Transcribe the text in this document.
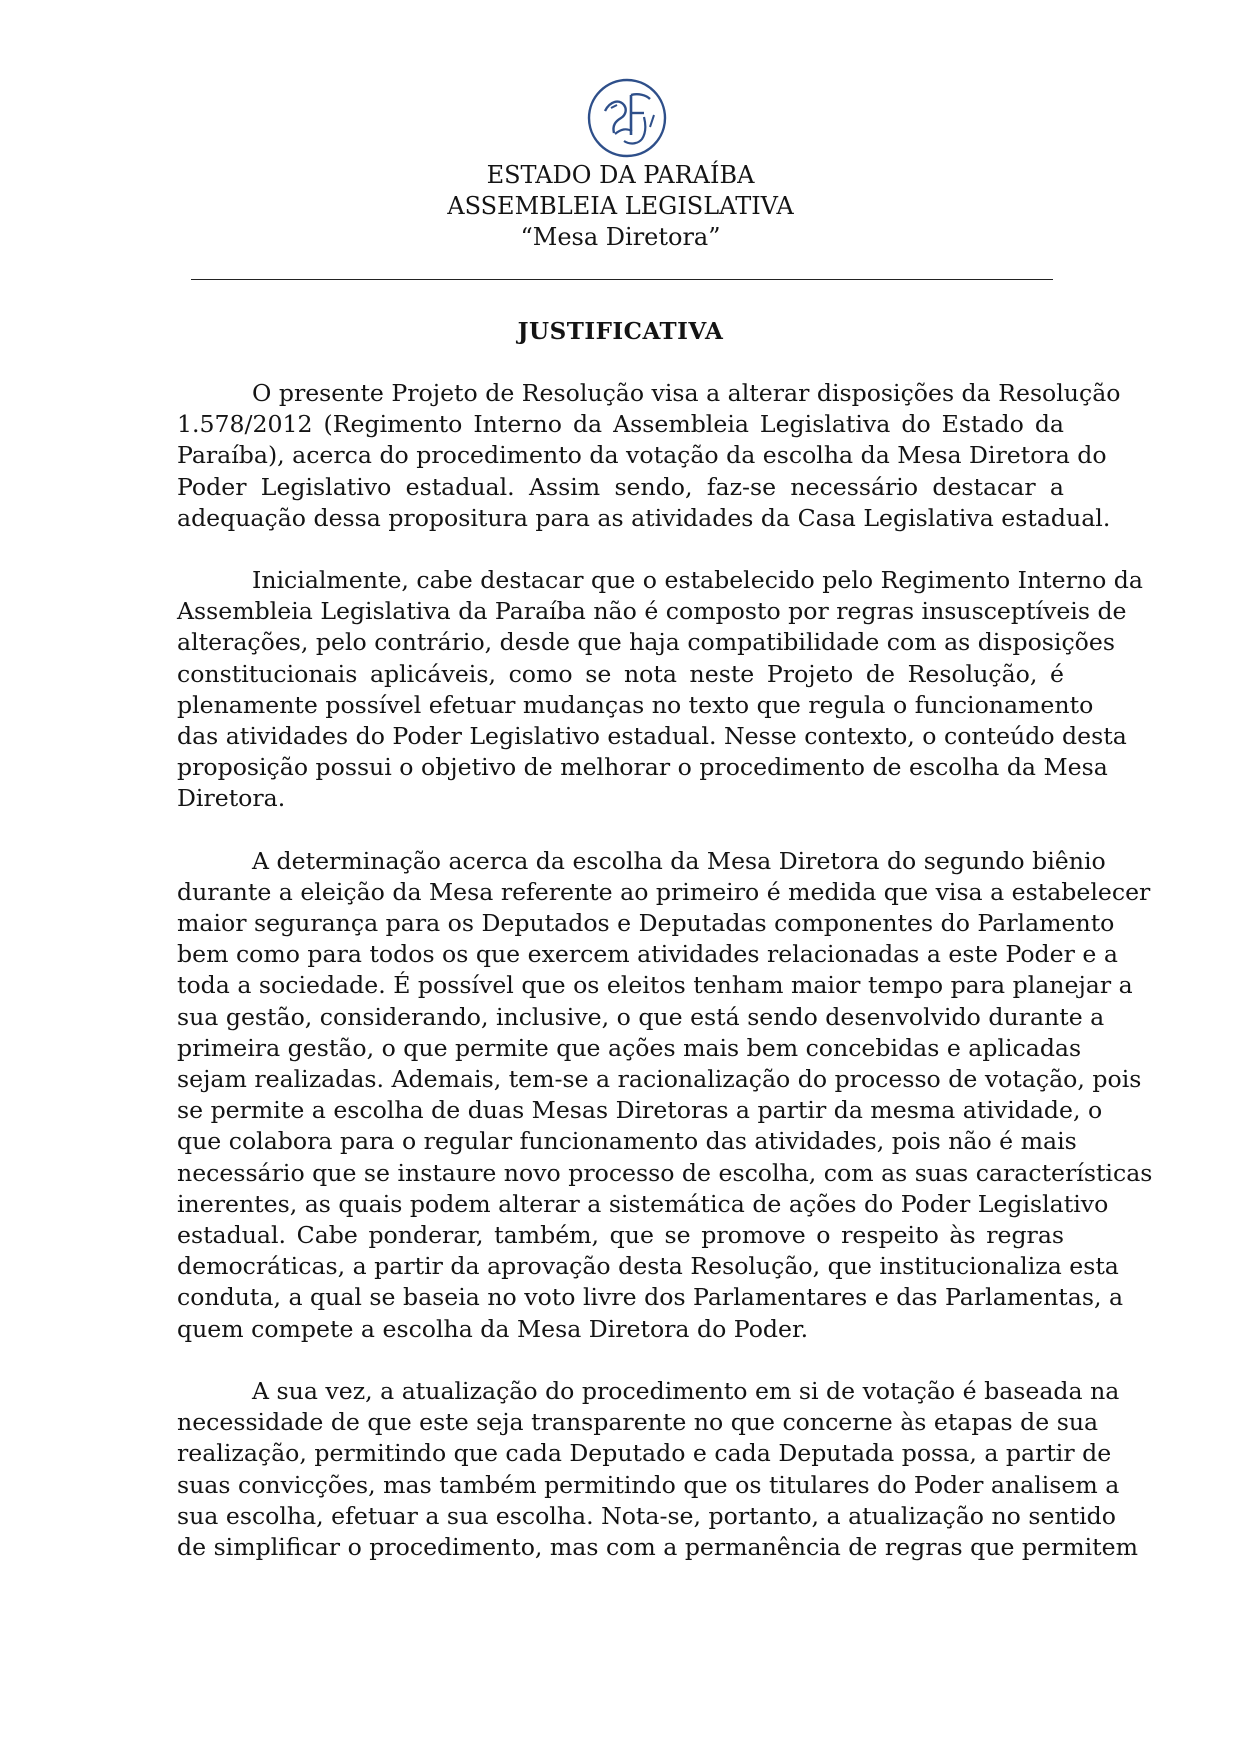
ESTADO DA PARAÍBA
ASSEMBLEIA LEGISLATIVA
“Mesa Diretora”
JUSTIFICATIVA
O presente Projeto de Resolução visa a alterar disposições da Resolução
1.578/2012 (Regimento Interno da Assembleia Legislativa do Estado da
Paraíba), acerca do procedimento da votação da escolha da Mesa Diretora do
Poder Legislativo estadual. Assim sendo, faz-se necessário destacar a
adequação dessa propositura para as atividades da Casa Legislativa estadual.
Inicialmente, cabe destacar que o estabelecido pelo Regimento Interno da
Assembleia Legislativa da Paraíba não é composto por regras insusceptíveis de
alterações, pelo contrário, desde que haja compatibilidade com as disposições
constitucionais aplicáveis, como se nota neste Projeto de Resolução, é
plenamente possível efetuar mudanças no texto que regula o funcionamento
das atividades do Poder Legislativo estadual. Nesse contexto, o conteúdo desta
proposição possui o objetivo de melhorar o procedimento de escolha da Mesa
Diretora.
A determinação acerca da escolha da Mesa Diretora do segundo biênio
durante a eleição da Mesa referente ao primeiro é medida que visa a estabelecer
maior segurança para os Deputados e Deputadas componentes do Parlamento
bem como para todos os que exercem atividades relacionadas a este Poder e a
toda a sociedade. É possível que os eleitos tenham maior tempo para planejar a
sua gestão, considerando, inclusive, o que está sendo desenvolvido durante a
primeira gestão, o que permite que ações mais bem concebidas e aplicadas
sejam realizadas. Ademais, tem-se a racionalização do processo de votação, pois
se permite a escolha de duas Mesas Diretoras a partir da mesma atividade, o
que colabora para o regular funcionamento das atividades, pois não é mais
necessário que se instaure novo processo de escolha, com as suas características
inerentes, as quais podem alterar a sistemática de ações do Poder Legislativo
estadual. Cabe ponderar, também, que se promove o respeito às regras
democráticas, a partir da aprovação desta Resolução, que institucionaliza esta
conduta, a qual se baseia no voto livre dos Parlamentares e das Parlamentas, a
quem compete a escolha da Mesa Diretora do Poder.
A sua vez, a atualização do procedimento em si de votação é baseada na
necessidade de que este seja transparente no que concerne às etapas de sua
realização, permitindo que cada Deputado e cada Deputada possa, a partir de
suas convicções, mas também permitindo que os titulares do Poder analisem a
sua escolha, efetuar a sua escolha. Nota-se, portanto, a atualização no sentido
de simplificar o procedimento, mas com a permanência de regras que permitem
